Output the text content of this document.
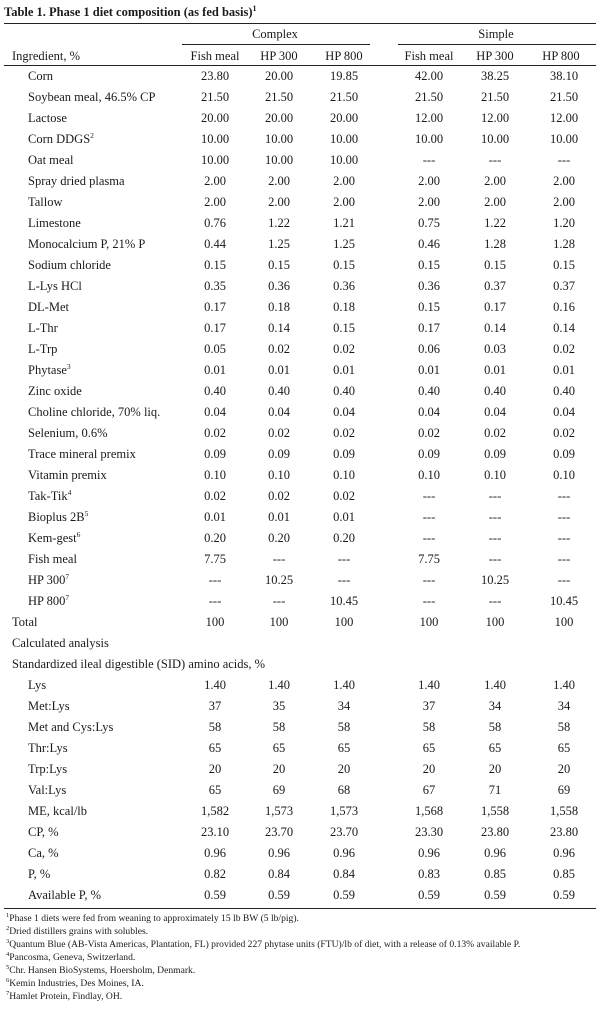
Table 1. Phase 1 diet composition (as fed basis)$^1$
Complex	Simple
Ingredient, %	Fish meal	HP 300	HP 800	Fish meal	HP 300	HP 800
Corn	23.80	20.00	19.85		42.00	38.25	38.10
Soybean meal, 46.5% CP	21.50	21.50	21.50		21.50	21.50	21.50
Lactose	20.00	20.00	20.00		12.00	12.00	12.00
Corn DDGS$^2$	10.00	10.00	10.00		10.00	10.00	10.00
Oat meal	10.00	10.00	10.00		---	---	---
Spray dried plasma	2.00	2.00	2.00		2.00	2.00	2.00
Tallow	2.00	2.00	2.00		2.00	2.00	2.00
Limestone	0.76	1.22	1.21		0.75	1.22	1.20
Monocalcium P, 21% P	0.44	1.25	1.25		0.46	1.28	1.28
Sodium chloride	0.15	0.15	0.15		0.15	0.15	0.15
L-Lys HCl	0.35	0.36	0.36		0.36	0.37	0.37
DL-Met	0.17	0.18	0.18		0.15	0.17	0.16
L-Thr	0.17	0.14	0.15		0.17	0.14	0.14
L-Trp	0.05	0.02	0.02		0.06	0.03	0.02
Phytase$^3$	0.01	0.01	0.01		0.01	0.01	0.01
Zinc oxide	0.40	0.40	0.40		0.40	0.40	0.40
Choline chloride, 70% liq.	0.04	0.04	0.04		0.04	0.04	0.04
Selenium, 0.6%	0.02	0.02	0.02		0.02	0.02	0.02
Trace mineral premix	0.09	0.09	0.09		0.09	0.09	0.09
Vitamin premix	0.10	0.10	0.10		0.10	0.10	0.10
Tak-Tik$^4$	0.02	0.02	0.02		---	---	---
Bioplus $2B^5$	0.01	0.01	0.01		---	---	---
Kem-gest$^6$	0.20	0.20	0.20		---	---	---
Fish meal	7.75	---	---		7.75	---	---
HP $300^7$	---	10.25	---		---	10.25	---
HP $800^7$	---	---	10.45		---	---	10.45
Total	100	100	100		100	100	100
Calculated analysis							
Standardized ileal digestible (SID) amino acids, %							
Lys	1.40	1.40	1.40		1.40	1.40	1.40
Met:Lys	37	35	34		37	34	34
Met and Cys:Lys	58	58	58		58	58	58
Thr:Lys	65	65	65		65	65	65
Trp:Lys	20	20	20		20	20	20
Val:Lys	65	69	68		67	71	69
ME, kcal/lb	1,582	1,573	1,573		1,568	1,558	1,558
CP, %	23.10	23.70	23.70		23.30	23.80	23.80
Ca, %	0.96	0.96	0.96		0.96	0.96	0.96
P, %	0.82	0.84	0.84		0.83	0.85	0.85
Available P, %	0.59	0.59	0.59		0.59	0.59	0.59
$^1$Phase 1 diets were fed from weaning to approximately 15 lb BW (5 lb/pig).
$^2$Dried distillers grains with solubles.
$^3$Quantum Blue (AB-Vista Americas, Plantation, FL) provided 227 phytase units (FTU)/lb of diet, with a release of 0.13% available P.
$^4$Pancosma, Geneva, Switzerland.
$^5$Chr. Hansen BioSystems, Hoersholm, Denmark.
$^6$Kemin Industries, Des Moines, IA.
$^7$Hamlet Protein, Findlay, OH.
